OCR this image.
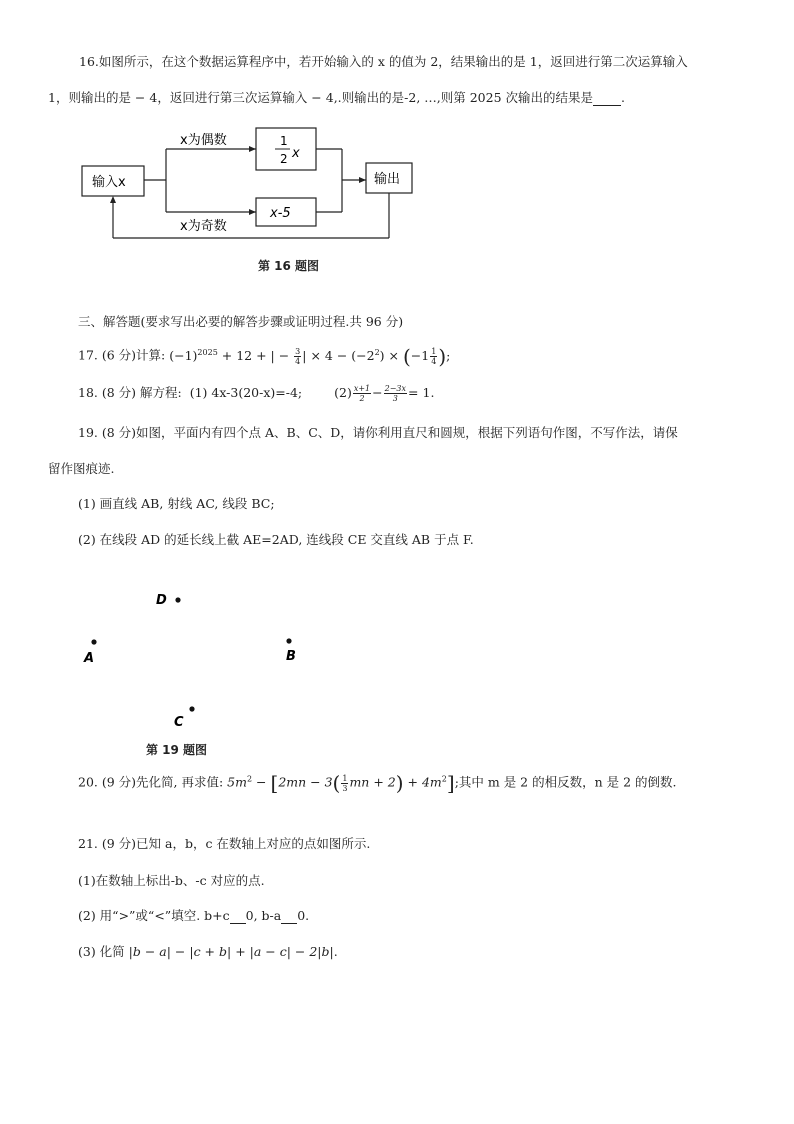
16.如图所示，在这个数据运算程序中，若开始输入的 x 的值为 2，结果输出的是 1，返回进行第二次运算输入
1，则输出的是 − 4，返回进行第三次运算输入 − 4,.则输出的是-2, …,则第 2025 次输出的结果是 .
输入x
x为偶数
x为奇数
1
2 x
x-5
输出
第 16 题图
三、解答题(要求写出必要的解答步骤或证明过程.共 96 分)
17. (6 分)计算: $(-1)^{2025} + 12$ + | − $\frac{3}{4}$ | × $4 - (-2^2) \times (-1 \frac{1}{4}$ );
18. (8 分) 解方程: (1) 4x-3(20-x)=-4;	$(2) \frac{x+1}{2} - \frac{2-3x}{3} = 1$.
19. (8 分)如图，平面内有四个点 A、B、C、D，请你利用直尺和圆规，根据下列语句作图，不写作法，请保
留作图痕迹.
(1) 画直线 AB, 射线 AC, 线段 BC;
(2) 在线段 AD 的延长线上截 AE=2AD, 连线段 CE 交直线 AB 于点 F.
D
A	B
C
第 19 题图
20. (9 分)先化简, 再求值: $5m^2 - [2mn - 3( \frac{1}{3}$ mn + $2) + 4m^2$];其中 m 是 2 的相反数，n 是 2 的倒数.
21. (9 分)已知 a，b，c 在数轴上对应的点如图所示.
(1)在数轴上标出-b、-c 对应的点.
(2) 用“>”或“<”填空. b+c 0, b-a 0.
(3) 化简 |b − a| − |c + b| + |a − c| − 2|b|.
